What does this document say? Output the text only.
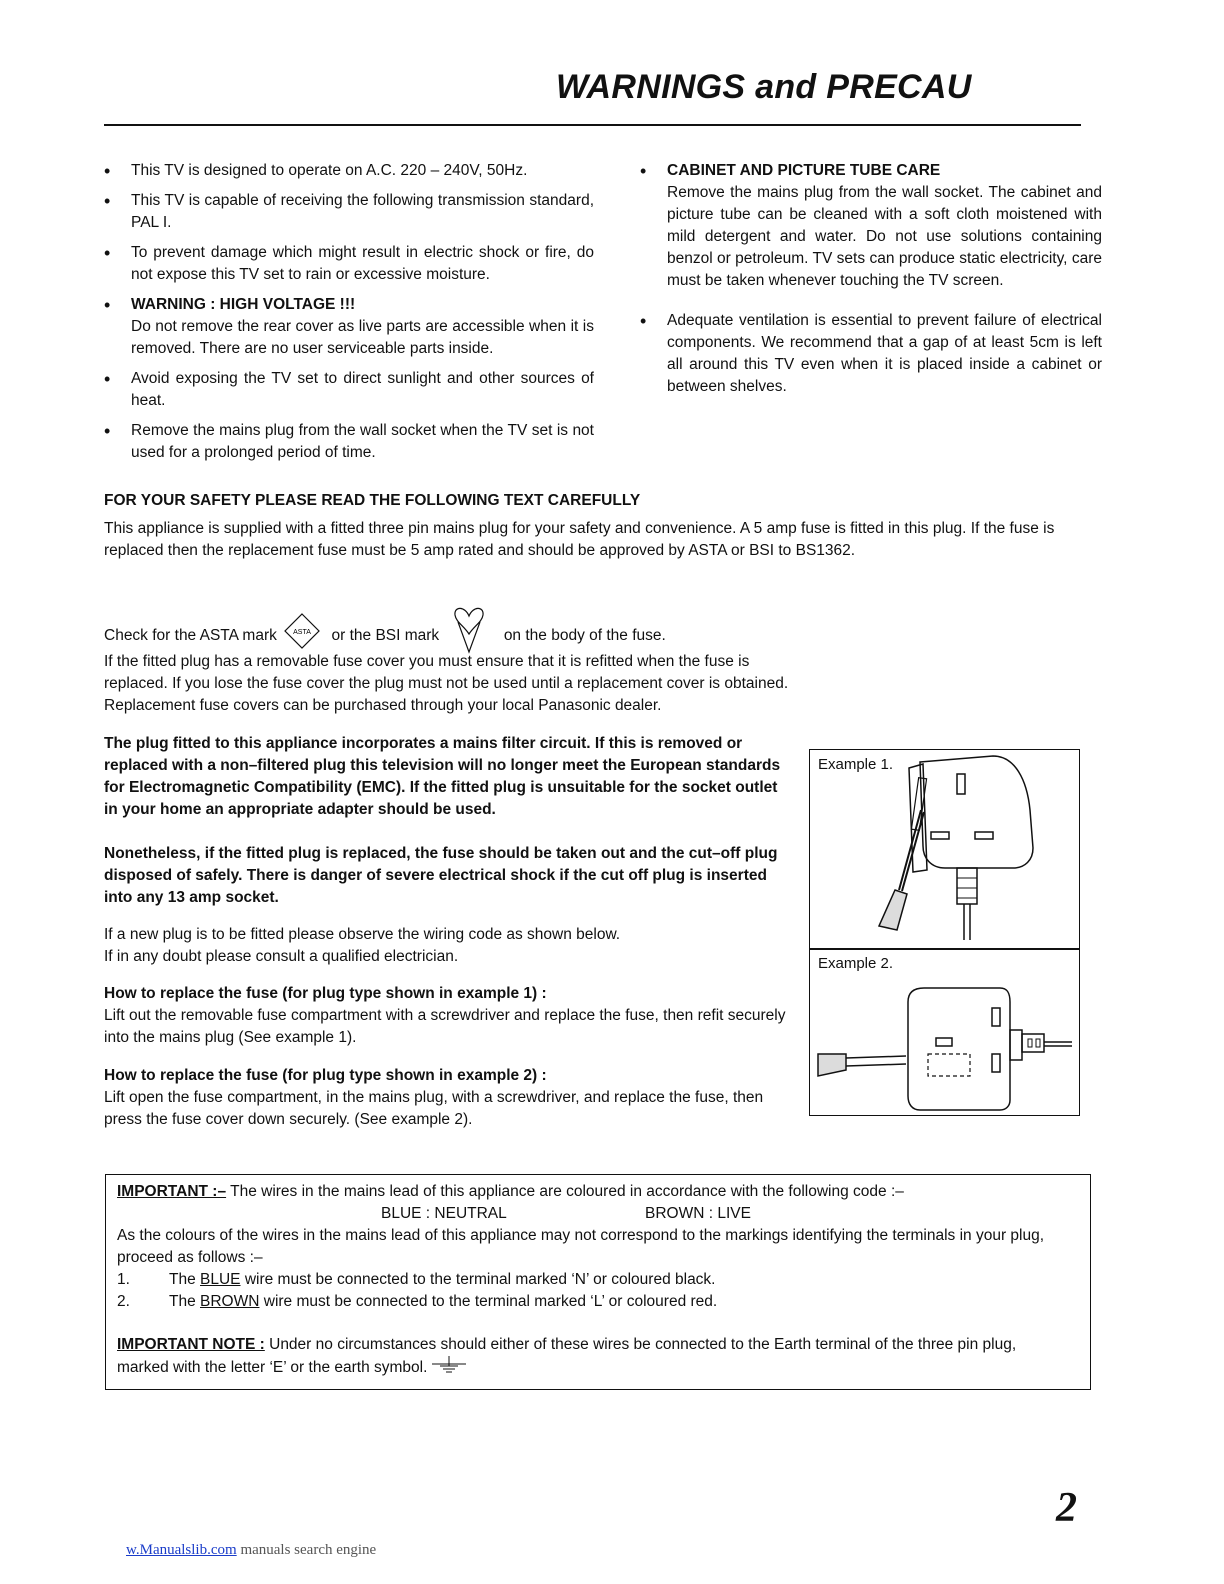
WARNINGS and PRECAU
• This TV is designed to operate on A.C. 220 – 240V, 50Hz.
• This TV is capable of receiving the following transmission standard, PAL I.
• To prevent damage which might result in electric shock or fire, do not expose this TV set to rain or excessive moisture.
• WARNING : HIGH VOLTAGE !!!
Do not remove the rear cover as live parts are accessible when it is removed. There are no user serviceable parts inside.
• Avoid exposing the TV set to direct sunlight and other sources of heat.
• Remove the mains plug from the wall socket when the TV set is not used for a prolonged period of time.
• CABINET AND PICTURE TUBE CARE
Remove the mains plug from the wall socket. The cabinet and picture tube can be cleaned with a soft cloth moistened with mild detergent and water. Do not use solutions containing benzol or petroleum. TV sets can produce static electricity, care must be taken whenever touching the TV screen.
• Adequate ventilation is essential to prevent failure of electrical components. We recommend that a gap of at least 5cm is left all around this TV even when it is placed inside a cabinet or between shelves.
FOR YOUR SAFETY PLEASE READ THE FOLLOWING TEXT CAREFULLY
This appliance is supplied with a fitted three pin mains plug for your safety and convenience. A 5 amp fuse is fitted in this plug. If the fuse is replaced then the replacement fuse must be 5 amp rated and should be approved by ASTA or BSI to BS1362.
Check for the ASTA mark ASTA or the BSI mark	on the body of the fuse.
If the fitted plug has a removable fuse cover you must ensure that it is refitted when the fuse is replaced. If you lose the fuse cover the plug must not be used until a replacement cover is obtained. Replacement fuse covers can be purchased through your local Panasonic dealer.
The plug fitted to this appliance incorporates a mains filter circuit. If this is removed or replaced with a non–filtered plug this television will no longer meet the European standards for Electromagnetic Compatibility (EMC). If the fitted plug is unsuitable for the socket outlet in your home an appropriate adapter should be used.
Nonetheless, if the fitted plug is replaced, the fuse should be taken out and the cut–off plug disposed of safely. There is danger of severe electrical shock if the cut off plug is inserted into any 13 amp socket.
If a new plug is to be fitted please observe the wiring code as shown below.
If in any doubt please consult a qualified electrician.
How to replace the fuse (for plug type shown in example 1) :
Lift out the removable fuse compartment with a screwdriver and replace the fuse, then refit securely into the mains plug (See example 1).
How to replace the fuse (for plug type shown in example 2) :
Lift open the fuse compartment, in the mains plug, with a screwdriver, and replace the fuse, then press the fuse cover down securely. (See example 2).
Example 1.
Example 2.
IMPORTANT :– The wires in the mains lead of this appliance are coloured in accordance with the following code :–
BLUE : NEUTRAL	BROWN : LIVE
As the colours of the wires in the mains lead of this appliance may not correspond to the markings identifying the terminals in your plug,
proceed as follows :–
1.	The BLUE wire must be connected to the terminal marked ‘N’ or coloured black.
2.	The BROWN wire must be connected to the terminal marked ‘L’ or coloured red.
IMPORTANT NOTE : Under no circumstances should either of these wires be connected to the Earth terminal of the three pin plug,
marked with the letter ‘E’ or the earth symbol.
2
w.Manualslib.com manuals search engine
